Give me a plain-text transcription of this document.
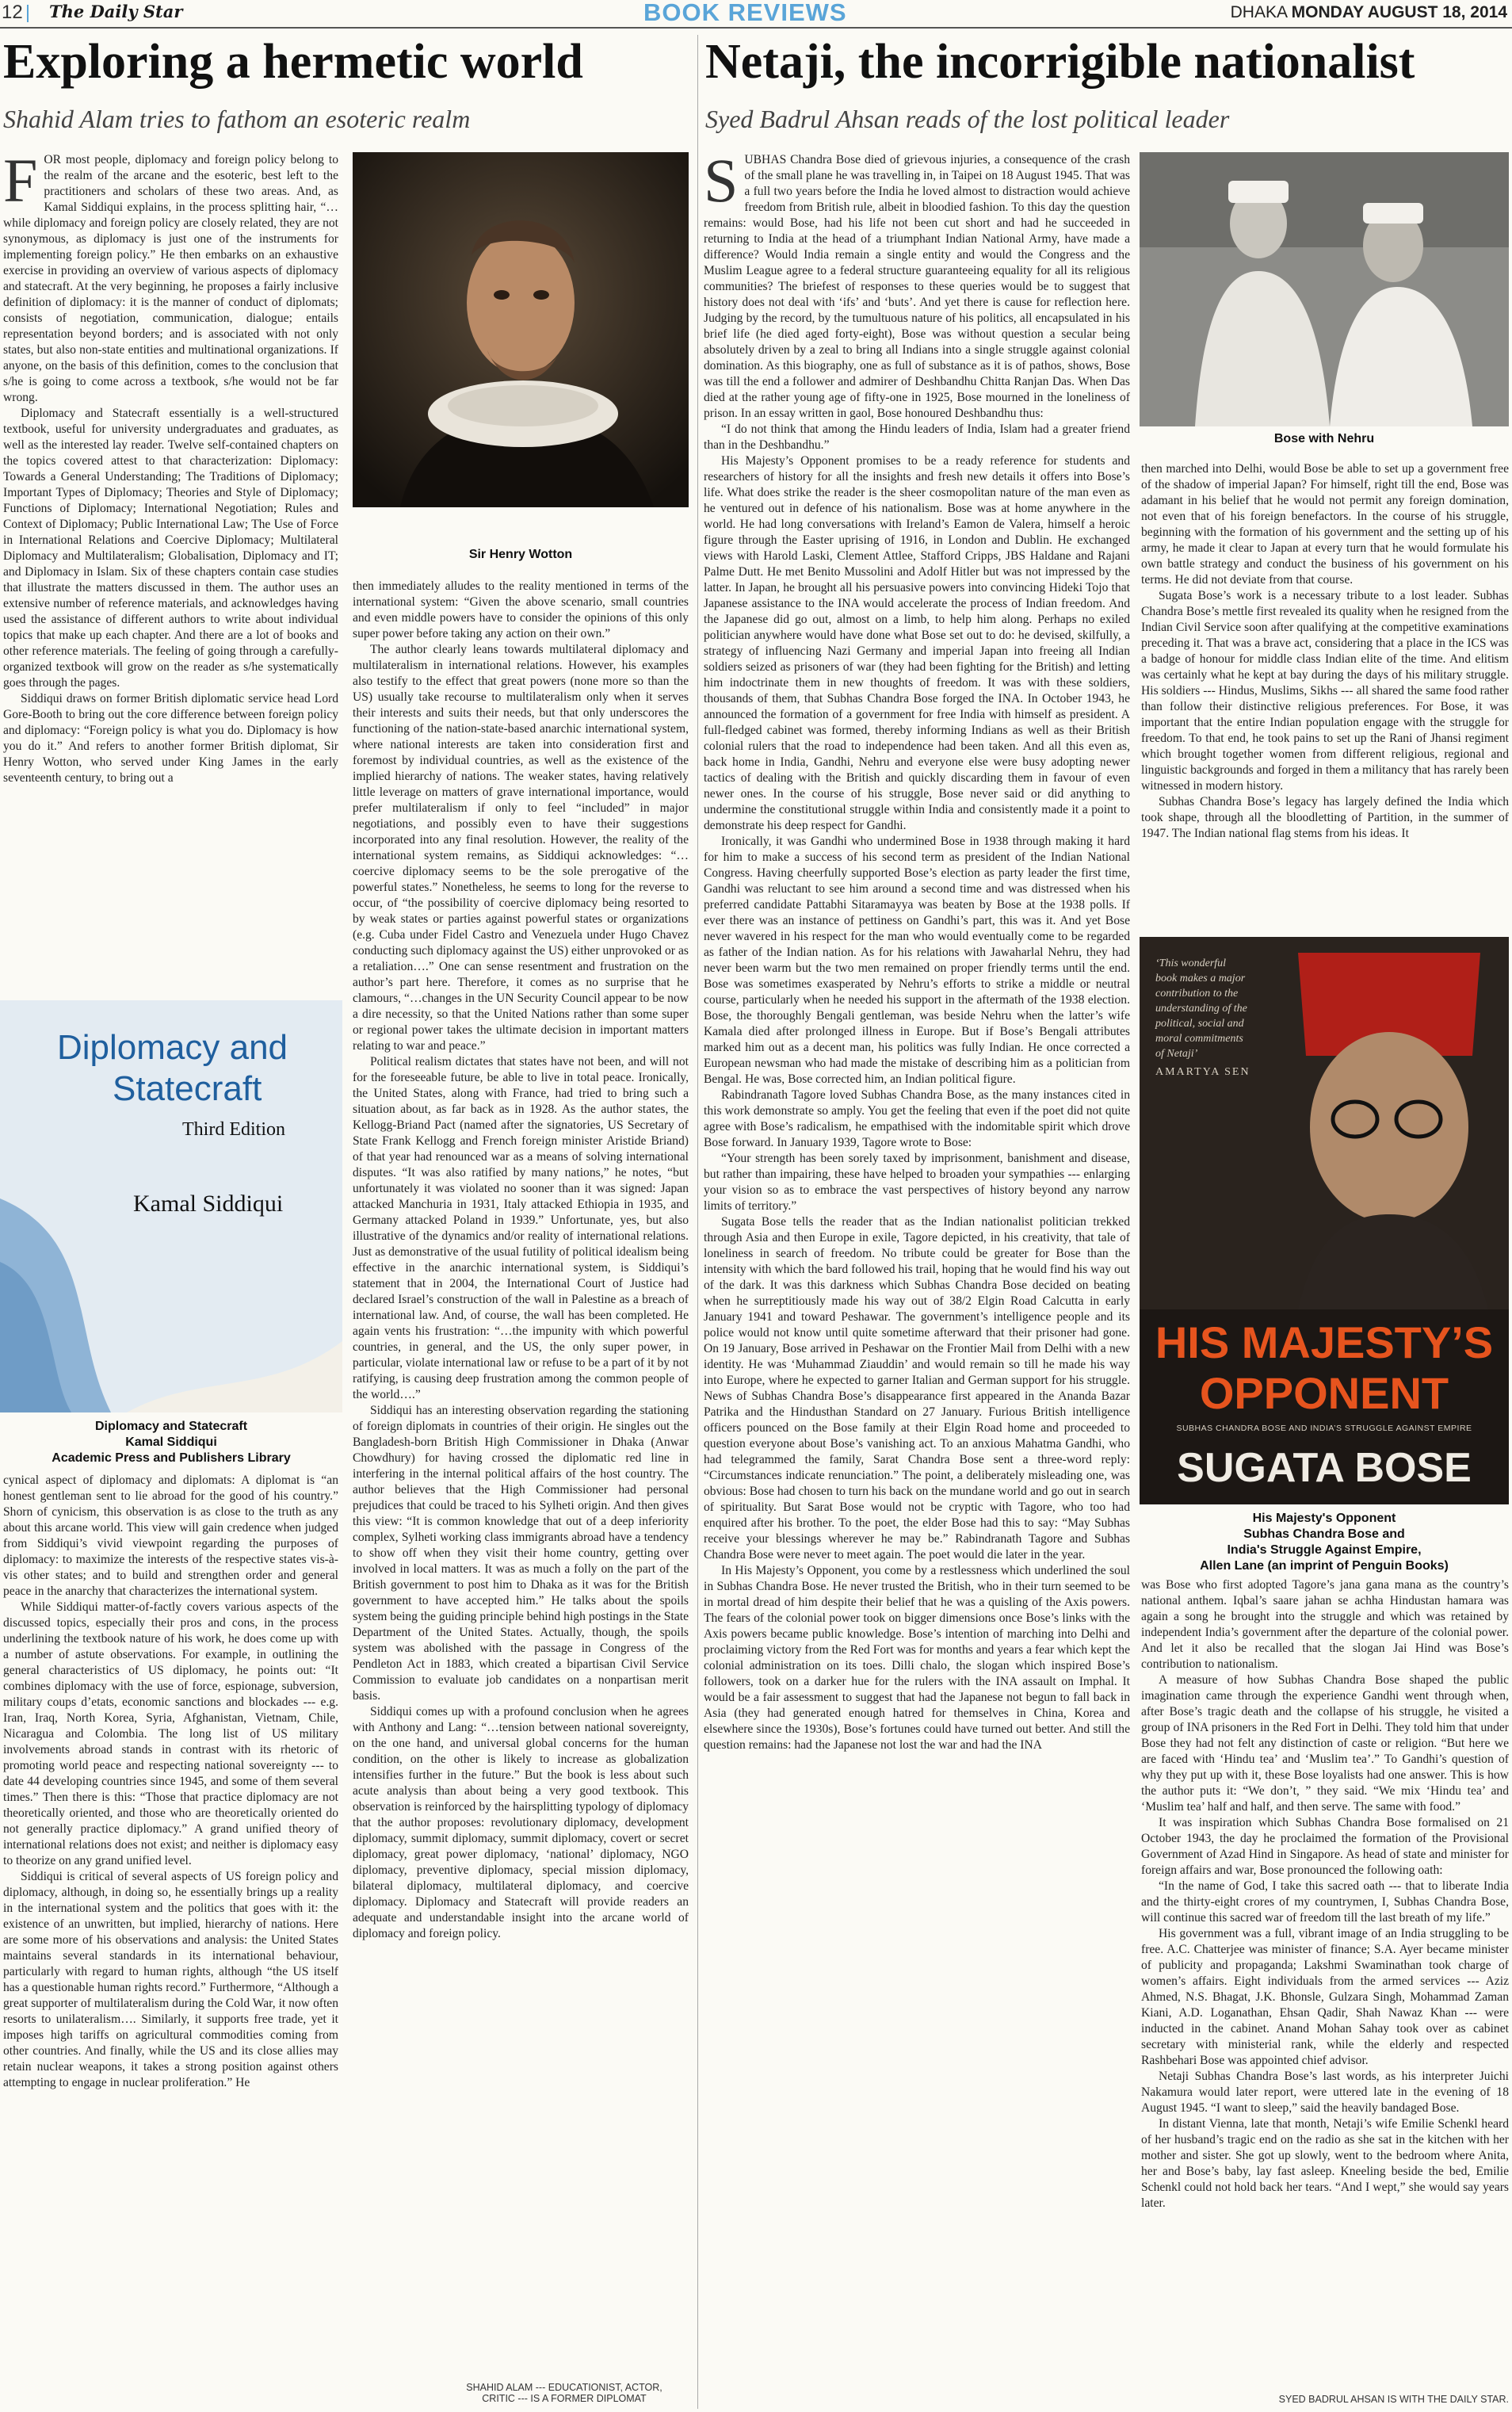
12 The Daily Star	BOOK REVIEWS	DHAKA MONDAY AUGUST 18, 2014
Exploring a hermetic world
Shahid Alam tries to fathom an esoteric realm

FOR most people, diplomacy and foreign policy belong to the realm of the arcane and the esoteric, best left to the practitioners and scholars of these two areas. And, as Kamal Siddiqui explains, in the process splitting hair, “…while diplomacy and foreign policy are closely related, they are not synonymous, as diplomacy is just one of the instruments for implementing foreign policy.” He then embarks on an exhaustive exercise in providing an overview of various aspects of diplomacy and statecraft. At the very beginning, he proposes a fairly inclusive definition of diplomacy: it is the manner of conduct of diplomats; consists of negotiation, communication, dialogue; entails representation beyond borders; and is associated with not only states, but also non-state entities and multinational organizations. If anyone, on the basis of this definition, comes to the conclusion that s/he is going to come across a textbook, s/he would not be far wrong.

Diplomacy and Statecraft essentially is a well-structured textbook, useful for university undergraduates and graduates, as well as the interested lay reader. Twelve self-contained chapters on the topics covered attest to that characterization: Diplomacy: Towards a General Understanding; The Traditions of Diplomacy; Important Types of Diplomacy; Theories and Style of Diplomacy; Functions of Diplomacy; International Negotiation; Rules and Context of Diplomacy; Public International Law; The Use of Force in International Relations and Coercive Diplomacy; Multilateral Diplomacy and Multilateralism; Globalisation, Diplomacy and IT; and Diplomacy in Islam. Six of these chapters contain case studies that illustrate the matters discussed in them. The author uses an extensive number of reference materials, and acknowledges having used the assistance of different authors to write about individual topics that make up each chapter. And there are a lot of books and other reference materials. The feeling of going through a carefully-organized textbook will grow on the reader as s/he systematically goes through the pages.

Siddiqui draws on former British diplomatic service head Lord Gore-Booth to bring out the core difference between foreign policy and diplomacy: “Foreign policy is what you do. Diplomacy is how you do it.” And refers to another former British diplomat, Sir Henry Wotton, who served under King James in the early seventeenth century, to bring out a

Diplomacy and
Statecraft
Third Edition
Kamal Siddiqui
Diplomacy and Statecraft
Kamal Siddiqui
Academic Press and Publishers Library

cynical aspect of diplomacy and diplomats: A diplomat is “an honest gentleman sent to lie abroad for the good of his country.” Shorn of cynicism, this observation is as close to the truth as any about this arcane world. This view will gain credence when judged from Siddiqui’s vivid viewpoint regarding the purposes of diplomacy: to maximize the interests of the respective states vis-à-vis other states; and to build and strengthen order and general peace in the anarchy that characterizes the international system.

While Siddiqui matter-of-factly covers various aspects of the discussed topics, especially their pros and cons, in the process underlining the textbook nature of his work, he does come up with a number of astute observations. For example, in outlining the general characteristics of US diplomacy, he points out: “It combines diplomacy with the use of force, espionage, subversion, military coups d’etats, economic sanctions and blockades --- e.g. Iran, Iraq, North Korea, Syria, Afghanistan, Vietnam, Chile, Nicaragua and Colombia. The long list of US military involvements abroad stands in contrast with its rhetoric of promoting world peace and respecting national sovereignty --- to date 44 developing countries since 1945, and some of them several times.” Then there is this: “Those that practice diplomacy are not theoretically oriented, and those who are theoretically oriented do not generally practice diplomacy.” A grand unified theory of international relations does not exist; and neither is diplomacy easy to theorize on any grand unified level.

Siddiqui is critical of several aspects of US foreign policy and diplomacy, although, in doing so, he essentially brings up a reality in the international system and the politics that goes with it: the existence of an unwritten, but implied, hierarchy of nations. Here are some more of his observations and analysis: the United States maintains several standards in its international behaviour, particularly with regard to human rights, although “the US itself has a questionable human rights record.” Furthermore, “Although a great supporter of multilateralism during the Cold War, it now often resorts to unilateralism…. Similarly, it supports free trade, yet it imposes high tariffs on agricultural commodities coming from other countries. And finally, while the US and its close allies may retain nuclear weapons, it takes a strong position against others attempting to engage in nuclear proliferation.” He

Sir Henry Wotton

then immediately alludes to the reality mentioned in terms of the international system: “Given the above scenario, small countries and even middle powers have to consider the opinions of this only super power before taking any action on their own.”

The author clearly leans towards multilateral diplomacy and multilateralism in international relations. However, his examples also testify to the effect that great powers (none more so than the US) usually take recourse to multilateralism only when it serves their interests and suits their needs, but that only underscores the functioning of the nation-state-based anarchic international system, where national interests are taken into consideration first and foremost by individual countries, as well as the existence of the implied hierarchy of nations. The weaker states, having relatively little leverage on matters of grave international importance, would prefer multilateralism if only to feel “included” in major negotiations, and possibly even to have their suggestions incorporated into any final resolution. However, the reality of the international system remains, as Siddiqui acknowledges: “…coercive diplomacy seems to be the sole prerogative of the powerful states.” Nonetheless, he seems to long for the reverse to occur, of “the possibility of coercive diplomacy being resorted to by weak states or parties against powerful states or organizations (e.g. Cuba under Fidel Castro and Venezuela under Hugo Chavez conducting such diplomacy against the US) either unprovoked or as a retaliation….” One can sense resentment and frustration on the author’s part here. Therefore, it comes as no surprise that he clamours, “…changes in the UN Security Council appear to be now a dire necessity, so that the United Nations rather than some super or regional power takes the ultimate decision in important matters relating to war and peace.”

Political realism dictates that states have not been, and will not for the foreseeable future, be able to live in total peace. Ironically, the United States, along with France, had tried to bring such a situation about, as far back as in 1928. As the author states, the Kellogg-Briand Pact (named after the signatories, US Secretary of State Frank Kellogg and French foreign minister Aristide Briand) of that year had renounced war as a means of solving international disputes. “It was also ratified by many nations,” he notes, “but unfortunately it was violated no sooner than it was signed: Japan attacked Manchuria in 1931, Italy attacked Ethiopia in 1935, and Germany attacked Poland in 1939.” Unfortunate, yes, but also illustrative of the dynamics and/or reality of international relations. Just as demonstrative of the usual futility of political idealism being effective in the anarchic international system, is Siddiqui’s statement that in 2004, the International Court of Justice had declared Israel’s construction of the wall in Palestine as a breach of international law. And, of course, the wall has been completed. He again vents his frustration: “…the impunity with which powerful countries, in general, and the US, the only super power, in particular, violate international law or refuse to be a part of it by not ratifying, is causing deep frustration among the common people of the world….”

Siddiqui has an interesting observation regarding the stationing of foreign diplomats in countries of their origin. He singles out the Bangladesh-born British High Commissioner in Dhaka (Anwar Chowdhury) for having crossed the diplomatic red line in interfering in the internal political affairs of the host country. The author believes that the High Commissioner had personal prejudices that could be traced to his Sylheti origin. And then gives this view: “It is common knowledge that out of a deep inferiority complex, Sylheti working class immigrants abroad have a tendency to show off when they visit their home country, getting over involved in local matters. It was as much a folly on the part of the British government to post him to Dhaka as it was for the British government to have accepted him.” He talks about the spoils system being the guiding principle behind high postings in the State Department of the United States. Actually, though, the spoils system was abolished with the passage in Congress of the Pendleton Act in 1883, which created a bipartisan Civil Service Commission to evaluate job candidates on a nonpartisan merit basis.

Siddiqui comes up with a profound conclusion when he agrees with Anthony and Lang: “…tension between national sovereignty, on the one hand, and universal global concerns for the human condition, on the other is likely to increase as globalization intensifies further in the future.” But the book is less about such acute analysis than about being a very good textbook. This observation is reinforced by the hairsplitting typology of diplomacy that the author proposes: revolutionary diplomacy, development diplomacy, summit diplomacy, summit diplomacy, covert or secret diplomacy, great power diplomacy, ‘national’ diplomacy, NGO diplomacy, preventive diplomacy, special mission diplomacy, bilateral diplomacy, multilateral diplomacy, and coercive diplomacy. Diplomacy and Statecraft will provide readers an adequate and understandable insight into the arcane world of diplomacy and foreign policy.

SHAHID ALAM --- EDUCATIONIST, ACTOR,
CRITIC --- IS A FORMER DIPLOMAT
Netaji, the incorrigible nationalist
Syed Badrul Ahsan reads of the lost political leader

SUBHAS Chandra Bose died of grievous injuries, a consequence of the crash of the small plane he was travelling in, in Taipei on 18 August 1945. That was a full two years before the India he loved almost to distraction would achieve freedom from British rule, albeit in bloodied fashion. To this day the question remains: would Bose, had his life not been cut short and had he succeeded in returning to India at the head of a triumphant Indian National Army, have made a difference? Would India remain a single entity and would the Congress and the Muslim League agree to a federal structure guaranteeing equality for all its religious communities? The briefest of responses to these queries would be to suggest that history does not deal with ‘ifs’ and ‘buts’. And yet there is cause for reflection here. Judging by the record, by the tumultuous nature of his politics, all encapsulated in his brief life (he died aged forty-eight), Bose was without question a secular being absolutely driven by a zeal to bring all Indians into a single struggle against colonial domination. As this biography, one as full of substance as it is of pathos, shows, Bose was till the end a follower and admirer of Deshbandhu Chitta Ranjan Das. When Das died at the rather young age of fifty-one in 1925, Bose mourned in the loneliness of prison. In an essay written in gaol, Bose honoured Deshbandhu thus:

“I do not think that among the Hindu leaders of India, Islam had a greater friend than in the Deshbandhu.”

His Majesty’s Opponent promises to be a ready reference for students and researchers of history for all the insights and fresh new details it offers into Bose’s life. What does strike the reader is the sheer cosmopolitan nature of the man even as he ventured out in defence of his nationalism. Bose was at home anywhere in the world. He had long conversations with Ireland’s Eamon de Valera, himself a heroic figure through the Easter uprising of 1916, in London and Dublin. He exchanged views with Harold Laski, Clement Attlee, Stafford Cripps, JBS Haldane and Rajani Palme Dutt. He met Benito Mussolini and Adolf Hitler but was not impressed by the latter. In Japan, he brought all his persuasive powers into convincing Hideki Tojo that Japanese assistance to the INA would accelerate the process of Indian freedom. And the Japanese did go out, almost on a limb, to help him along. Perhaps no exiled politician anywhere would have done what Bose set out to do: he devised, skilfully, a strategy of influencing Nazi Germany and imperial Japan into freeing all Indian soldiers seized as prisoners of war (they had been fighting for the British) and letting him indoctrinate them in new thoughts of freedom. It was with these soldiers, thousands of them, that Subhas Chandra Bose forged the INA. In October 1943, he announced the formation of a government for free India with himself as president. A full-fledged cabinet was formed, thereby informing Indians as well as their British colonial rulers that the road to independence had been taken. And all this even as, back home in India, Gandhi, Nehru and everyone else were busy adopting newer tactics of dealing with the British and quickly discarding them in favour of even newer ones. In the course of his struggle, Bose never said or did anything to undermine the constitutional struggle within India and consistently made it a point to demonstrate his deep respect for Gandhi.

Ironically, it was Gandhi who undermined Bose in 1938 through making it hard for him to make a success of his second term as president of the Indian National Congress. Having cheerfully supported Bose’s election as party leader the first time, Gandhi was reluctant to see him around a second time and was distressed when his preferred candidate Pattabhi Sitaramayya was beaten by Bose at the 1938 polls. If ever there was an instance of pettiness on Gandhi’s part, this was it. And yet Bose never wavered in his respect for the man who would eventually come to be regarded as father of the Indian nation. As for his relations with Jawaharlal Nehru, they had never been warm but the two men remained on proper friendly terms until the end. Bose was sometimes exasperated by Nehru’s efforts to strike a middle or neutral course, particularly when he needed his support in the aftermath of the 1938 election. Bose, the thoroughly Bengali gentleman, was beside Nehru when the latter’s wife Kamala died after prolonged illness in Europe. But if Bose’s Bengali attributes marked him out as a decent man, his politics was fully Indian. He once corrected a European newsman who had made the mistake of describing him as a politician from Bengal. He was, Bose corrected him, an Indian political figure.

Rabindranath Tagore loved Subhas Chandra Bose, as the many instances cited in this work demonstrate so amply. You get the feeling that even if the poet did not quite agree with Bose’s radicalism, he empathised with the indomitable spirit which drove Bose forward. In January 1939, Tagore wrote to Bose:

“Your strength has been sorely taxed by imprisonment, banishment and disease, but rather than impairing, these have helped to broaden your sympathies --- enlarging your vision so as to embrace the vast perspectives of history beyond any narrow limits of territory.”

Sugata Bose tells the reader that as the Indian nationalist politician trekked through Asia and then Europe in exile, Tagore depicted, in his creativity, that tale of loneliness in search of freedom. No tribute could be greater for Bose than the intensity with which the bard followed his trail, hoping that he would find his way out of the dark. It was this darkness which Subhas Chandra Bose decided on beating when he surreptitiously made his way out of 38/2 Elgin Road Calcutta in early January 1941 and toward Peshawar. The government’s intelligence people and its police would not know until quite sometime afterward that their prisoner had gone. On 19 January, Bose arrived in Peshawar on the Frontier Mail from Delhi with a new identity. He was ‘Muhammad Ziauddin’ and would remain so till he made his way into Europe, where he expected to garner Italian and German support for his struggle. News of Subhas Chandra Bose’s disappearance first appeared in the Ananda Bazar Patrika and the Hindusthan Standard on 27 January. Furious British intelligence officers pounced on the Bose family at their Elgin Road home and proceeded to question everyone about Bose’s vanishing act. To an anxious Mahatma Gandhi, who had telegrammed the family, Sarat Chandra Bose sent a three-word reply: “Circumstances indicate renunciation.” The point, a deliberately misleading one, was obvious: Bose had chosen to turn his back on the mundane world and go out in search of spirituality. But Sarat Bose would not be cryptic with Tagore, who too had enquired after his brother. To the poet, the elder Bose had this to say: “May Subhas receive your blessings wherever he may be.” Rabindranath Tagore and Subhas Chandra Bose were never to meet again. The poet would die later in the year.

In His Majesty’s Opponent, you come by a restlessness which underlined the soul in Subhas Chandra Bose. He never trusted the British, who in their turn seemed to be in mortal dread of him despite their belief that he was a quisling of the Axis powers. The fears of the colonial power took on bigger dimensions once Bose’s links with the Axis powers became public knowledge. Bose’s intention of marching into Delhi and proclaiming victory from the Red Fort was for months and years a fear which kept the colonial administration on its toes. Dilli chalo, the slogan which inspired Bose’s followers, took on a darker hue for the rulers with the INA assault on Imphal. It would be a fair assessment to suggest that had the Japanese not begun to fall back in Asia (they had generated enough hatred for themselves in China, Korea and elsewhere since the 1930s), Bose’s fortunes could have turned out better. And still the question remains: had the Japanese not lost the war and had the INA

Bose with Nehru

then marched into Delhi, would Bose be able to set up a government free of the shadow of imperial Japan? For himself, right till the end, Bose was adamant in his belief that he would not permit any foreign domination, not even that of his foreign benefactors. In the course of his struggle, beginning with the formation of his government and the setting up of his army, he made it clear to Japan at every turn that he would formulate his own battle strategy and conduct the business of his government on his terms. He did not deviate from that course.

Sugata Bose’s work is a necessary tribute to a lost leader. Subhas Chandra Bose’s mettle first revealed its quality when he resigned from the Indian Civil Service soon after qualifying at the competitive examinations preceding it. That was a brave act, considering that a place in the ICS was a badge of honour for middle class Indian elite of the time. And elitism was certainly what he kept at bay during the days of his military struggle. His soldiers --- Hindus, Muslims, Sikhs --- all shared the same food rather than follow their distinctive religious preferences. For Bose, it was important that the entire Indian population engage with the struggle for freedom. To that end, he took pains to set up the Rani of Jhansi regiment which brought together women from different religious, regional and linguistic backgrounds and forged in them a militancy that has rarely been witnessed in modern history.

Subhas Chandra Bose’s legacy has largely defined the India which took shape, through all the bloodletting of Partition, in the summer of 1947. The Indian national flag stems from his ideas. It

‘This wonderful
book makes a major
contribution to the
understanding of the
political, social and
moral commitments
of Netaji’
AMARTYA SEN
HIS MAJESTY’S
OPPONENT
SUBHAS CHANDRA BOSE AND INDIA’S STRUGGLE AGAINST EMPIRE
SUGATA BOSE
His Majesty's Opponent
Subhas Chandra Bose and
India's Struggle Against Empire,
Allen Lane (an imprint of Penguin Books)

was Bose who first adopted Tagore’s jana gana mana as the country’s national anthem. Iqbal’s saare jahan se achha Hindustan hamara was again a song he brought into the struggle and which was retained by independent India’s government after the departure of the colonial power. And let it also be recalled that the slogan Jai Hind was Bose’s contribution to nationalism.

A measure of how Subhas Chandra Bose shaped the public imagination came through the experience Gandhi went through when, after Bose’s tragic death and the collapse of his struggle, he visited a group of INA prisoners in the Red Fort in Delhi. They told him that under Bose they had not felt any distinction of caste or religion. “But here we are faced with ‘Hindu tea’ and ‘Muslim tea’.” To Gandhi’s question of why they put up with it, these Bose loyalists had one answer. This is how the author puts it: “We don’t, ” they said. “We mix ‘Hindu tea’ and ‘Muslim tea’ half and half, and then serve. The same with food.”

It was inspiration which Subhas Chandra Bose formalised on 21 October 1943, the day he proclaimed the formation of the Provisional Government of Azad Hind in Singapore. As head of state and minister for foreign affairs and war, Bose pronounced the following oath:

“In the name of God, I take this sacred oath --- that to liberate India and the thirty-eight crores of my countrymen, I, Subhas Chandra Bose, will continue this sacred war of freedom till the last breath of my life.”

His government was a full, vibrant image of an India struggling to be free. A.C. Chatterjee was minister of finance; S.A. Ayer became minister of publicity and propaganda; Lakshmi Swaminathan took charge of women’s affairs. Eight individuals from the armed services --- Aziz Ahmed, N.S. Bhagat, J.K. Bhonsle, Gulzara Singh, Mohammad Zaman Kiani, A.D. Loganathan, Ehsan Qadir, Shah Nawaz Khan --- were inducted in the cabinet. Anand Mohan Sahay took over as cabinet secretary with ministerial rank, while the elderly and respected Rashbehari Bose was appointed chief advisor.

Netaji Subhas Chandra Bose’s last words, as his interpreter Juichi Nakamura would later report, were uttered late in the evening of 18 August 1945. “I want to sleep,” said the heavily bandaged Bose.

In distant Vienna, late that month, Netaji’s wife Emilie Schenkl heard of her husband’s tragic end on the radio as she sat in the kitchen with her mother and sister. She got up slowly, went to the bedroom where Anita, her and Bose’s baby, lay fast asleep. Kneeling beside the bed, Emilie Schenkl could not hold back her tears. “And I wept,” she would say years later.

SYED BADRUL AHSAN IS WITH THE DAILY STAR.
